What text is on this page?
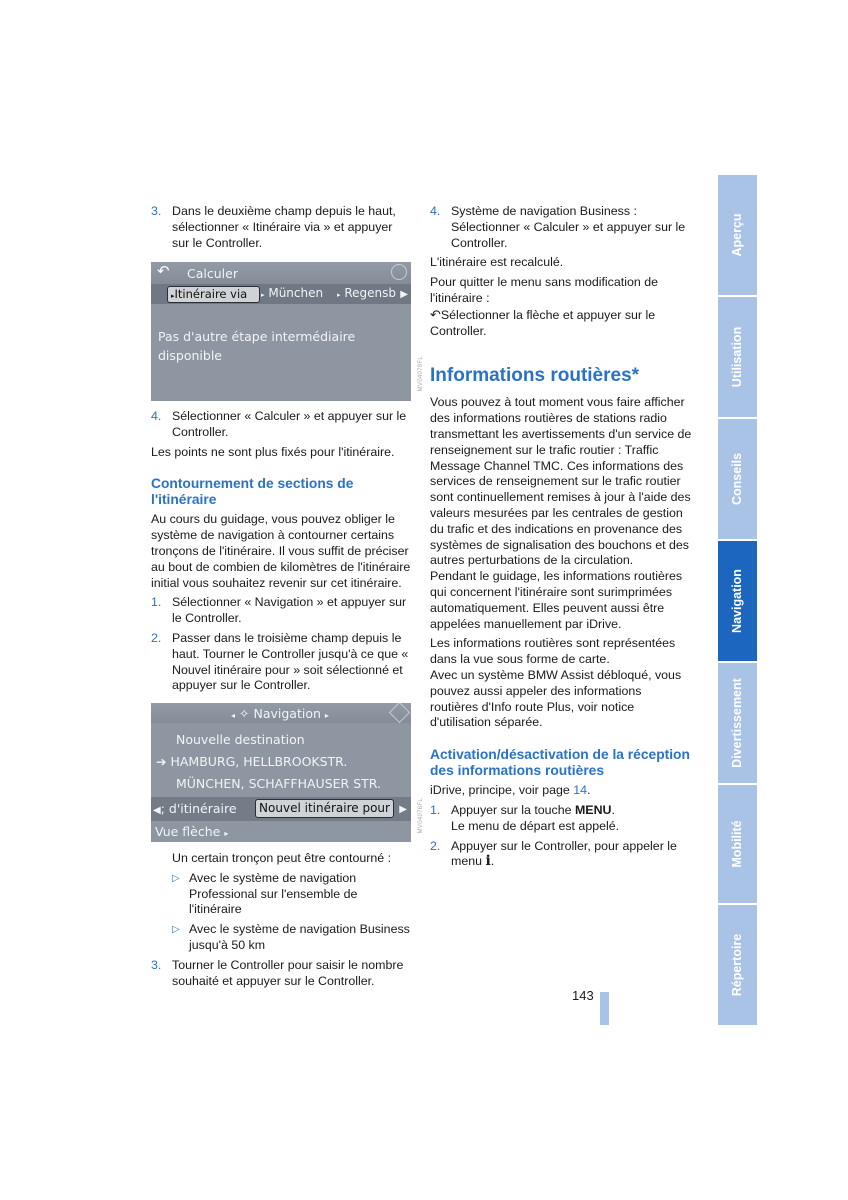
3. Dans le deuxième champ depuis le haut, sélectionner « Itinéraire via » et appuyer sur le Controller.
↶ Calculer
▸Itinéraire via	▸ München ▸ Regensb ▶
Pas d'autre étape intermédiaire
disponible
MV04079FL
4. Sélectionner « Calculer » et appuyer sur le Controller.

Les points ne sont plus fixés pour l'itinéraire.

Contournement de sections de l'itinéraire

Au cours du guidage, vous pouvez obliger le système de navigation à contourner certains tronçons de l'itinéraire. Il vous suffit de préciser au bout de combien de kilomètres de l'itinéraire initial vous souhaitez revenir sur cet itinéraire.

1. Sélectionner « Navigation » et appuyer sur le Controller.
2. Passer dans le troisième champ depuis le haut. Tourner le Controller jusqu'à ce que « Nouvel itinéraire pour » soit sélectionné et appuyer sur le Controller.
◂ ✧ Navigation ▸
Nouvelle destination
➔ HAMBURG, HELLBROOKSTR.
MÜNCHEN, SCHAFFHAUSER STR.
◀; d'itinéraire	Nouvel itinéraire pour ▶
Vue flèche ▸
MV04076FL
Un certain tronçon peut être contourné :
▷ Avec le système de navigation Professional sur l'ensemble de l'itinéraire
▷ Avec le système de navigation Business jusqu'à 50 km
3. Tourner le Controller pour saisir le nombre souhaité et appuyer sur le Controller.
4. Système de navigation Business : Sélectionner « Calculer » et appuyer sur le Controller.

L'itinéraire est recalculé.

Pour quitter le menu sans modification de l'itinéraire :

↶Sélectionner la flèche et appuyer sur le Controller.

Informations routières*

Vous pouvez à tout moment vous faire afficher des informations routières de stations radio transmettant les avertissements d'un service de renseignement sur le trafic routier : Traffic Message Channel TMC. Ces informations des services de renseignement sur le trafic routier sont continuellement remises à jour à l'aide des valeurs mesurées par les centrales de gestion du trafic et des indications en provenance des systèmes de signalisation des bouchons et des autres perturbations de la circulation.

Pendant le guidage, les informations routières qui concernent l'itinéraire sont surimprimées automatiquement. Elles peuvent aussi être appelées manuellement par iDrive.

Les informations routières sont représentées dans la vue sous forme de carte.

Avec un système BMW Assist débloqué, vous pouvez aussi appeler des informations routières d'Info route Plus, voir notice d'utilisation séparée.

Activation/désactivation de la réception des informations routières

iDrive, principe, voir page 14.

1. Appuyer sur la touche MENU.
Le menu de départ est appelé.
2. Appuyer sur le Controller, pour appeler le menu i.
143
Aperçu
Utilisation
Conseils
Navigation
Divertissement
Mobilité
Répertoire
